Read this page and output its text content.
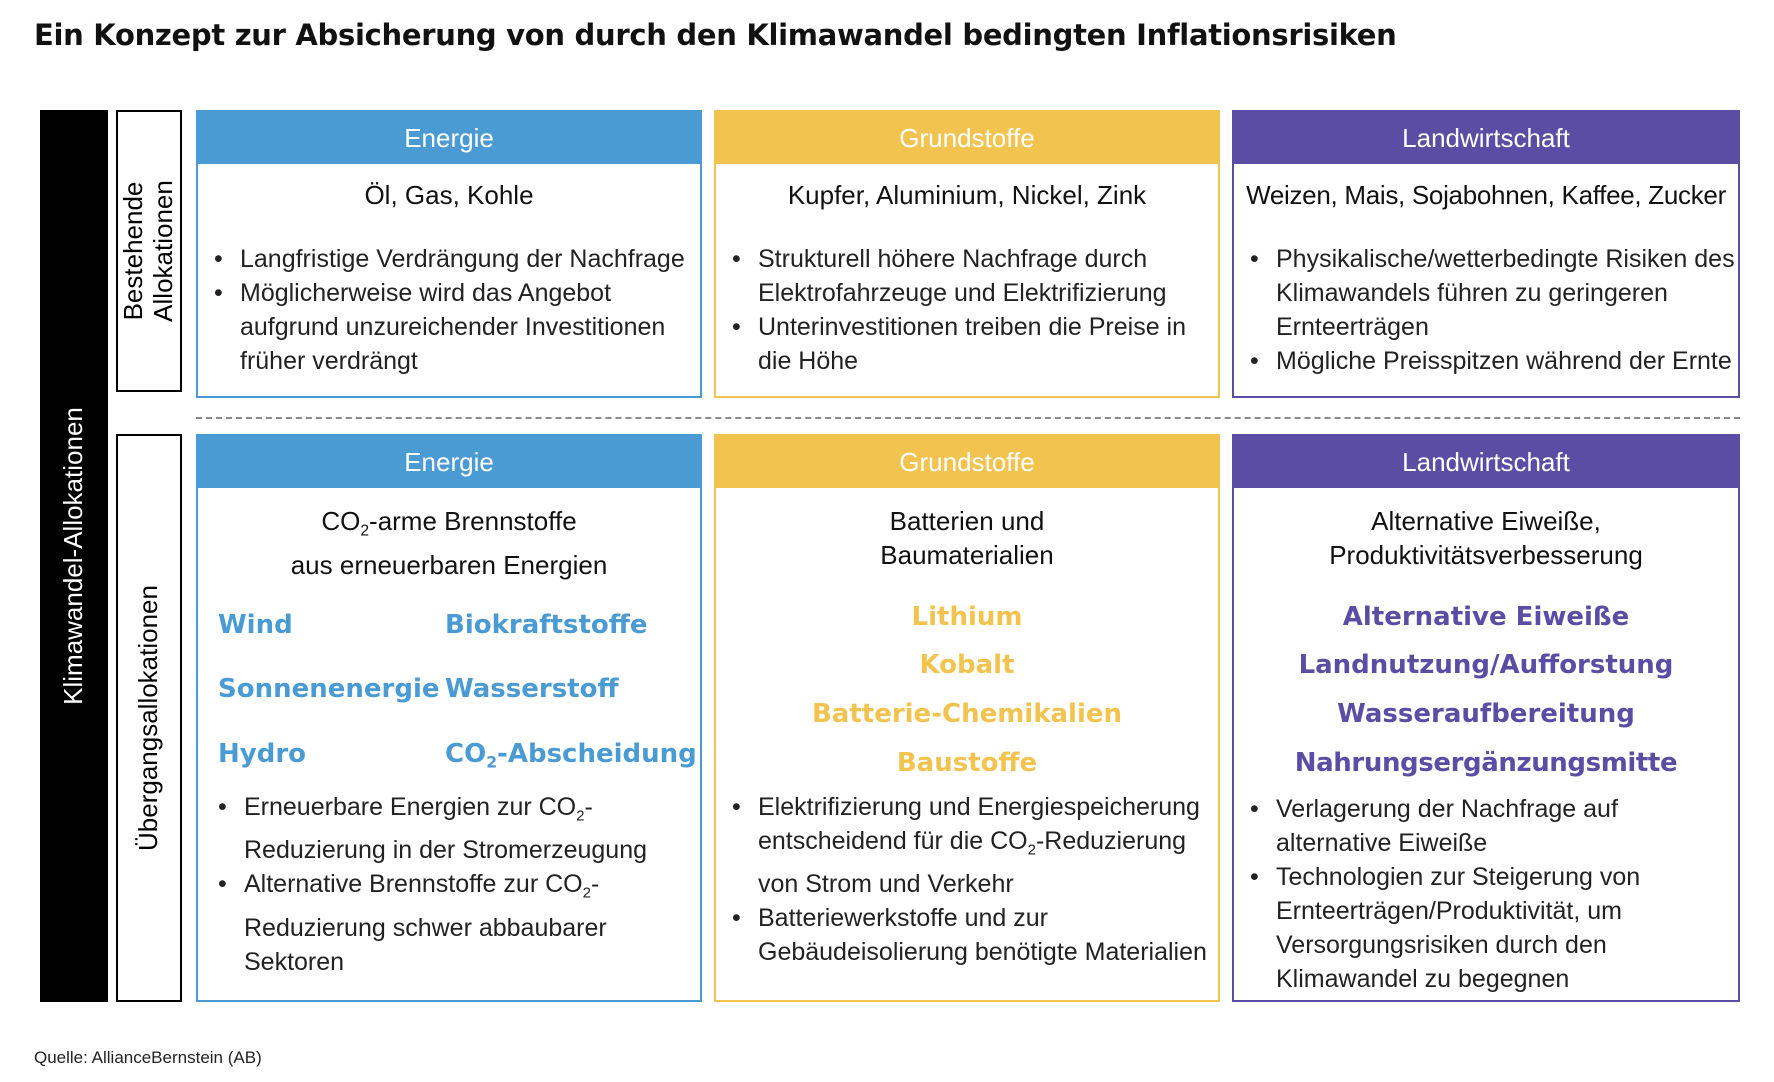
Ein Konzept zur Absicherung von durch den Klimawandel bedingten Inflationsrisiken
Klimawandel-Allokationen
Bestehende Allokationen
Übergangsallokationen
Energie
Öl, Gas, Kohle
• Langfristige Verdrängung der Nachfrage
• Möglicherweise wird das Angebot aufgrund unzureichender Investitionen früher verdrängt
Grundstoffe
Kupfer, Aluminium, Nickel, Zink
• Strukturell höhere Nachfrage durch Elektrofahrzeuge und Elektrifizierung
• Unterinvestitionen treiben die Preise in die Höhe
Landwirtschaft
Weizen, Mais, Sojabohnen, Kaffee, Zucker
• Physikalische/wetterbedingte Risiken des Klimawandels führen zu geringeren Ernteerträgen
• Mögliche Preisspitzen während der Ernte
Energie
$CO_2$-arme Brennstoffe
aus erneuerbaren Energien
Wind	Biokraftstoffe
Sonnenenergie Wasserstoff
Hydro	$CO_2$-Abscheidung
• Erneuerbare Energien zur $CO_2$-Reduzierung in der Stromerzeugung
• Alternative Brennstoffe zur $CO_2$-Reduzierung schwer abbaubarer Sektoren
Grundstoffe
Batterien und
Baumaterialien
Lithium
Kobalt
Batterie-Chemikalien
Baustoffe
• Elektrifizierung und Energiespeicherung entscheidend für die $CO_2$-Reduzierung von Strom und Verkehr
• Batteriewerkstoffe und zur Gebäudeisolierung benötigte Materialien
Landwirtschaft
Alternative Eiweiße,
Produktivitätsverbesserung
Alternative Eiweiße
Landnutzung/Aufforstung
Wasseraufbereitung
Nahrungsergänzungsmitte
• Verlagerung der Nachfrage auf alternative Eiweiße
• Technologien zur Steigerung von Ernteerträgen/Produktivität, um Versorgungsrisiken durch den Klimawandel zu begegnen
Quelle: AllianceBernstein (AB)
